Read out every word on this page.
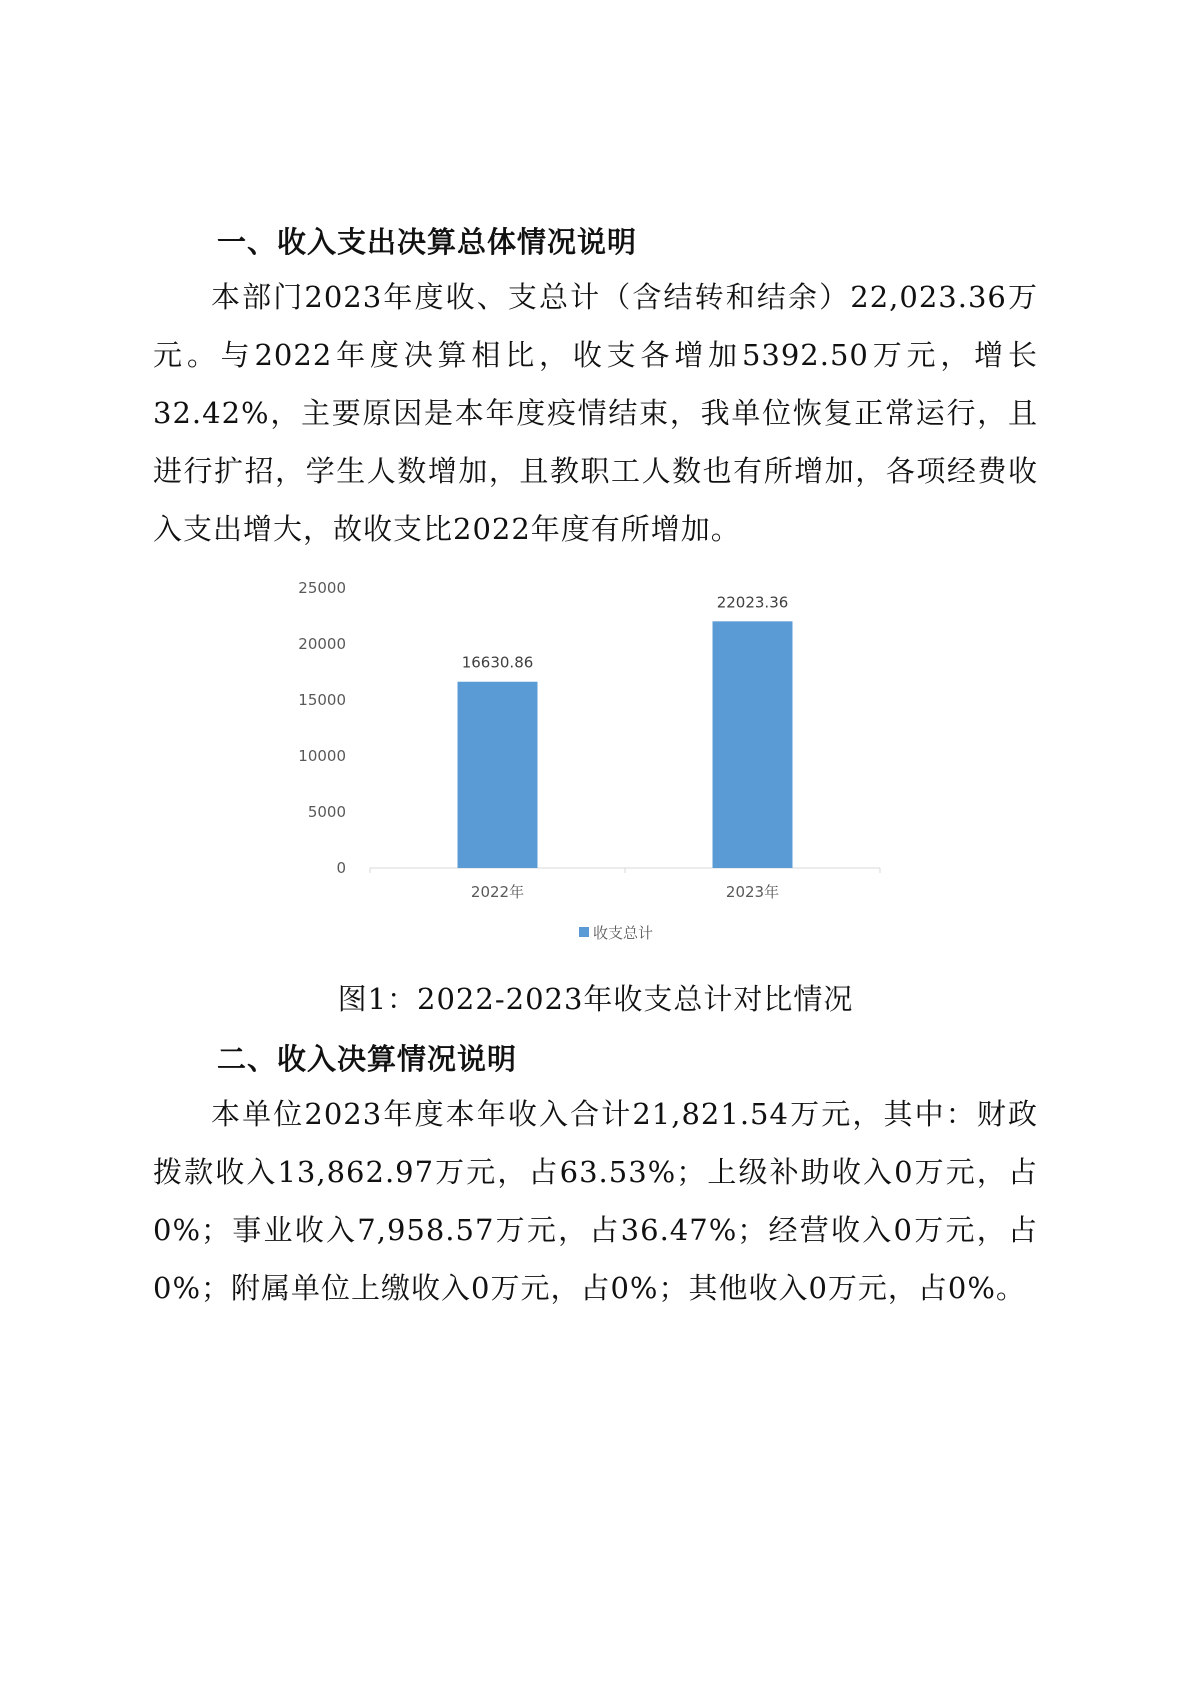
一、收入支出决算总体情况说明
本部门2023年度收、支总计（含结转和结余）22,023.36万元。与2022年度决算相比，收支各增加5392.50万元，增长32.42%，主要原因是本年度疫情结束，我单位恢复正常运行，且进行扩招，学生人数增加，且教职工人数也有所增加，各项经费收入支出增大，故收支比2022年度有所增加。
0
5000
10000
15000
20000
25000
16630.86
2022年
22023.36
2023年
收支总计
图1：2022-2023年收支总计对比情况
二、收入决算情况说明
本单位2023年度本年收入合计21,821.54万元，其中：财政拨款收入13,862.97万元，占63.53%；上级补助收入0万元，占0%；事业收入7,958.57万元，占36.47%；经营收入0万元，占0%；附属单位上缴收入0万元，占0%；其他收入0万元，占0%。
